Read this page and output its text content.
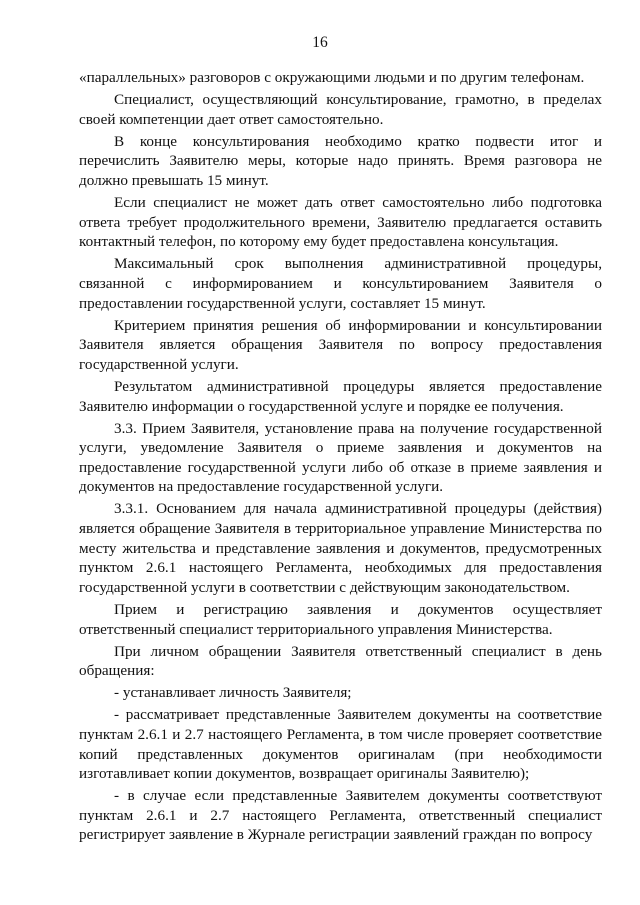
16

«параллельных» разговоров с окружающими людьми и по другим телефонам.

Специалист, осуществляющий консультирование, грамотно, в пределах своей компетенции дает ответ самостоятельно.

В конце консультирования необходимо кратко подвести итог и перечислить Заявителю меры, которые надо принять. Время разговора не должно превышать 15 минут.

Если специалист не может дать ответ самостоятельно либо подготовка ответа требует продолжительного времени, Заявителю предлагается оставить контактный телефон, по которому ему будет предоставлена консультация.

Максимальный срок выполнения административной процедуры, связанной с информированием и консультированием Заявителя о предоставлении государственной услуги, составляет 15 минут.

Критерием принятия решения об информировании и консультировании Заявителя является обращения Заявителя по вопросу предоставления государственной услуги.

Результатом административной процедуры является предоставление Заявителю информации о государственной услуге и порядке ее получения.

3.3. Прием Заявителя, установление права на получение государственной услуги, уведомление Заявителя о приеме заявления и документов на предоставление государственной услуги либо об отказе в приеме заявления и документов на предоставление государственной услуги.

3.3.1. Основанием для начала административной процедуры (действия) является обращение Заявителя в территориальное управление Министерства по месту жительства и представление заявления и документов, предусмотренных пунктом 2.6.1 настоящего Регламента, необходимых для предоставления государственной услуги в соответствии с действующим законодательством.

Прием и регистрацию заявления и документов осуществляет ответственный специалист территориального управления Министерства.

При личном обращении Заявителя ответственный специалист в день обращения:

- устанавливает личность Заявителя;

- рассматривает представленные Заявителем документы на соответствие пунктам 2.6.1 и 2.7 настоящего Регламента, в том числе проверяет соответствие копий представленных документов оригиналам (при необходимости изготавливает копии документов, возвращает оригиналы Заявителю);

- в случае если представленные Заявителем документы соответствуют пунктам 2.6.1 и 2.7 настоящего Регламента, ответственный специалист регистрирует заявление в Журнале регистрации заявлений граждан по вопросу
